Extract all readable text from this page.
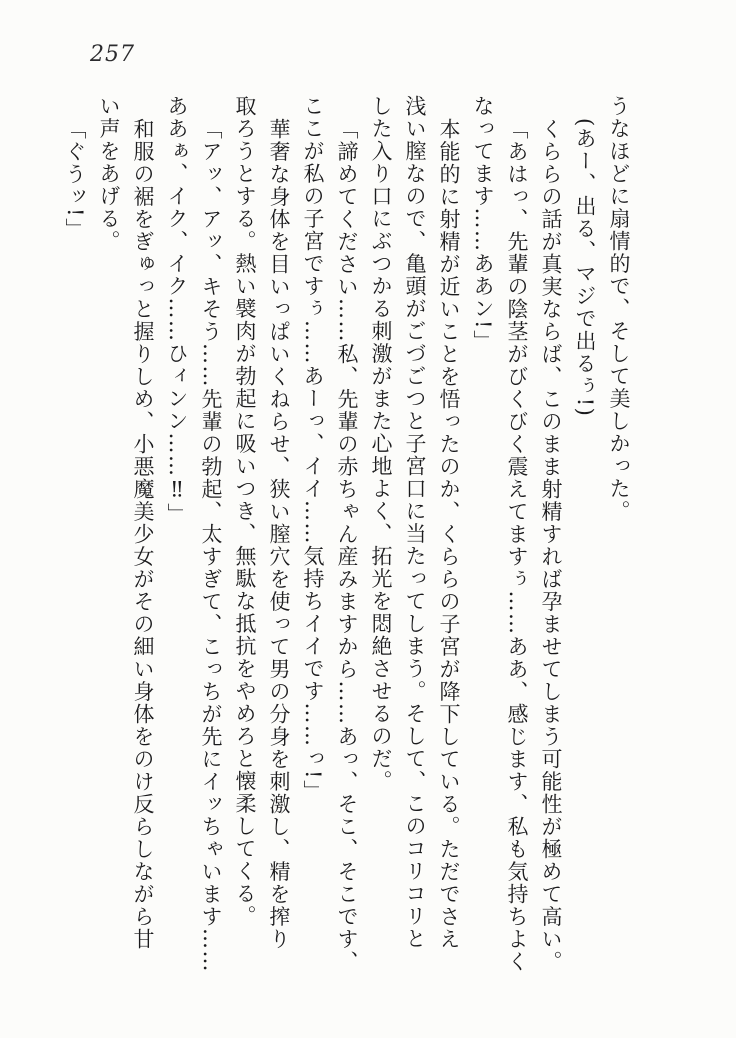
257
うなほどに扇情的で、そして美しかった。
(あー、出る、マジで出るぅ!)
くららの話が真実ならば、このまま射精すれば孕ませてしまう可能性が極めて高い。
「あはっ、先輩の陰茎がびくびく震えてますぅ……ああ、感じます、私も気持ちよく
なってます……ああン!」
本能的に射精が近いことを悟ったのか、くららの子宮が降下している。ただでさえ
浅い膣なので、亀頭がごづごつと子宮口に当たってしまう。そして、このコリコリと
した入り口にぶつかる刺激がまた心地よく、拓光を悶絶させるのだ。
「諦めてください……私、先輩の赤ちゃん産みますから……あっ、そこ、そこです、
ここが私の子宮ですぅ……あーっ、イイ……気持ちイイです……っ!」
華奢な身体を目いっぱいくねらせ、狭い膣穴を使って男の分身を刺激し、精を搾り
取ろうとする。熱い襞肉が勃起に吸いつき、無駄な抵抗をやめろと懐柔してくる。
「アッ、アッ、キそう……先輩の勃起、太すぎて、こっちが先にイッちゃいます……
ああぁ、イク、イク……ひィンン……‼」
和服の裾をぎゅっと握りしめ、小悪魔美少女がその細い身体をのけ反らしながら甘
い声をあげる。
「ぐうッ!」
